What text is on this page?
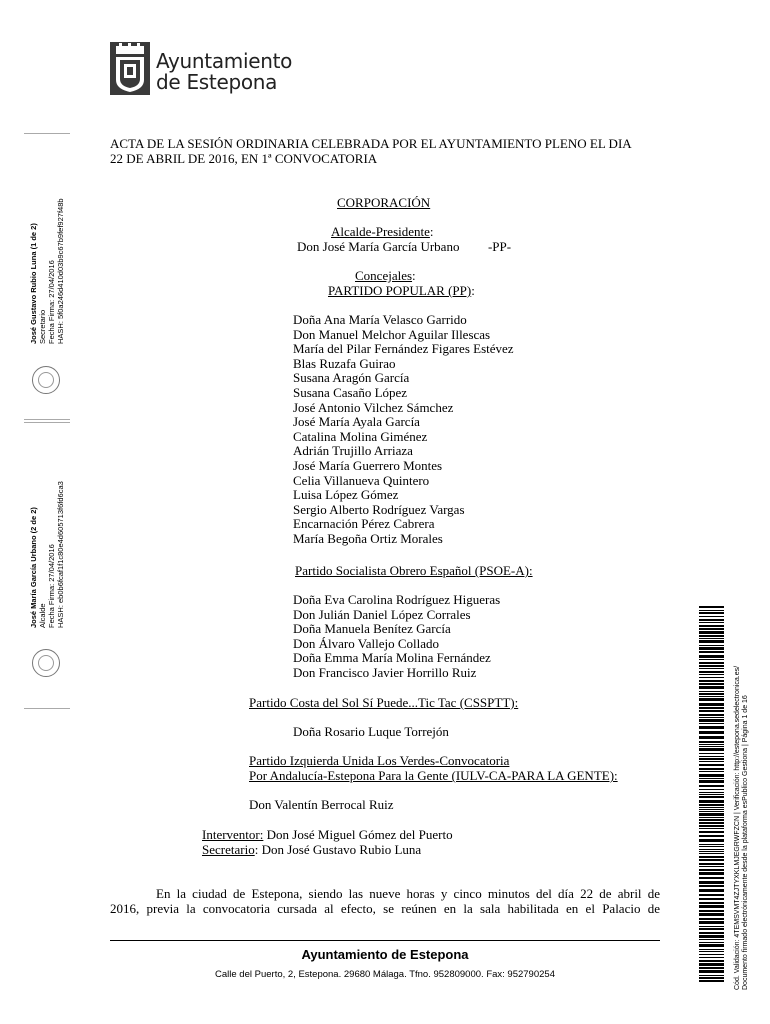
Ayuntamiento
de Estepona
ACTA DE LA SESIÓN ORDINARIA CELEBRADA POR EL AYUNTAMIENTO PLENO EL DIA
22 DE ABRIL DE 2016, EN 1ª CONVOCATORIA
CORPORACIÓN
Alcalde-Presidente:
Don José María García Urbano -PP-
Concejales:
PARTIDO POPULAR (PP):
Doña Ana María Velasco Garrido
Don Manuel Melchor Aguilar Illescas
María del Pilar Fernández Figares Estévez
Blas Ruzafa Guirao
Susana Aragón García
Susana Casaño López
José Antonio Vilchez Sámchez
José María Ayala García
Catalina Molina Giménez
Adrián Trujillo Arriaza
José María Guerrero Montes
Celia Villanueva Quintero
Luisa López Gómez
Sergio Alberto Rodríguez Vargas
Encarnación Pérez Cabrera
María Begoña Ortiz Morales
Partido Socialista Obrero Español (PSOE-A):
Doña Eva Carolina Rodríguez Higueras
Don Julián Daniel López Corrales
Doña Manuela Benítez García
Don Álvaro Vallejo Collado
Doña Emma María Molina Fernández
Don Francisco Javier Horrillo Ruiz
Partido Costa del Sol Sí Puede...Tic Tac (CSSPTT):
Doña Rosario Luque Torrejón
Partido Izquierda Unida Los Verdes-Convocatoria
Por Andalucía-Estepona Para la Gente (IULV-CA-PARA LA GENTE):
Don Valentín Berrocal Ruiz
Interventor: Don José Miguel Gómez del Puerto
Secretario: Don José Gustavo Rubio Luna
En la ciudad de Estepona, siendo las nueve horas y cinco minutos del día 22 de abril de
2016, previa la convocatoria cursada al efecto, se reúnen en la sala habilitada en el Palacio de
Ayuntamiento de Estepona
Calle del Puerto, 2, Estepona. 29680 Málaga. Tfno. 952809000. Fax: 952790254
José Gustavo Rubio Luna (1 de 2) Secretario Fecha Firma: 27/04/2016 HASH: 5f0a246d410d03b9c67b9fef927f48b
José María García Urbano (2 de 2) Alcalde Fecha Firma: 27/04/2016 HASH: eb0b6fcaf1f1c80e4d605713f6fd6ca3
Cód. Validación: 4TEMSVMT4ZJTYXKLMJEGRWFZCN | Verificación: http://estepona.sedelectronica.es/ Documento firmado electrónicamente desde la plataforma esPublico Gestiona | Página 1 de 16
